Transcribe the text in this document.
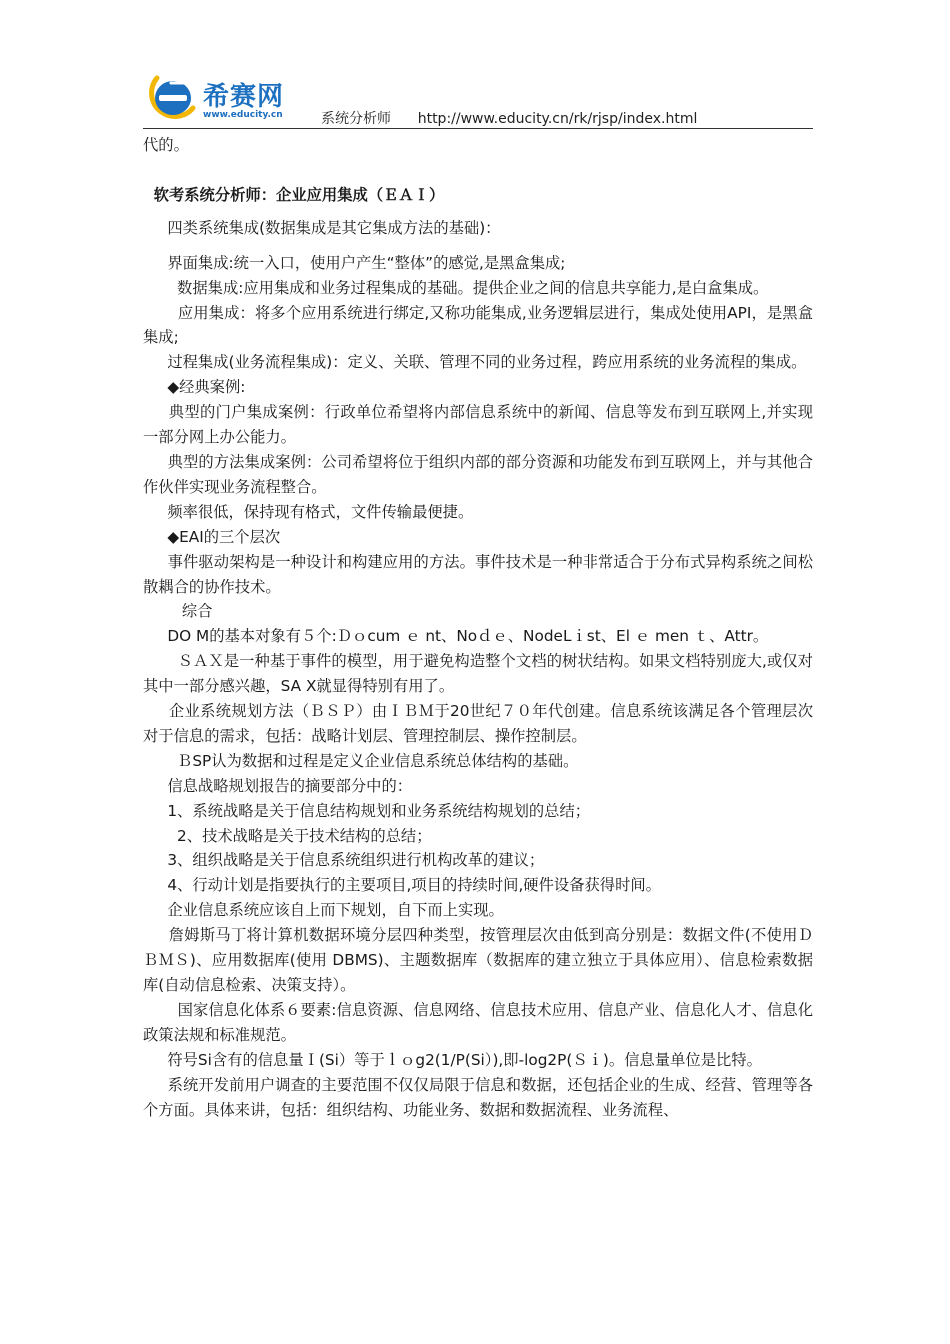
希赛网
www.educity.cn	系统分析师 http://www.educity.cn/rk/rjsp/index.html

代的。

软考系统分析师：企业应用集成（ＥＡＩ）

四类系统集成(数据集成是其它集成方法的基础)：

界面集成:统一入口，使用户产生“整体”的感觉,是黑盒集成;

数据集成:应用集成和业务过程集成的基础。提供企业之间的信息共享能力,是白盒集成。

应用集成：将多个应用系统进行绑定,又称功能集成,业务逻辑层进行，集成处使用API，是黑盒集成;

过程集成(业务流程集成)：定义、关联、管理不同的业务过程，跨应用系统的业务流程的集成。

◆经典案例:

典型的门户集成案例：行政单位希望将内部信息系统中的新闻、信息等发布到互联网上,并实现一部分网上办公能力。

典型的方法集成案例：公司希望将位于组织内部的部分资源和功能发布到互联网上，并与其他合作伙伴实现业务流程整合。

频率很低，保持现有格式，文件传输最便捷。

◆EAI的三个层次

事件驱动架构是一种设计和构建应用的方法。事件技术是一种非常适合于分布式异构系统之间松散耦合的协作技术。

综合

DO M的基本对象有５个:Ｄｏcum ｅ nt、Noｄｅ、NodeLｉst、El ｅ men ｔ、Attr。

ＳＡＸ是一种基于事件的模型，用于避免构造整个文档的树状结构。如果文档特别庞大,或仅对其中一部分感兴趣，SA X就显得特别有用了。

企业系统规划方法（ＢＳＰ）由ＩＢＭ于20世纪７０年代创建。信息系统该满足各个管理层次对于信息的需求，包括：战略计划层、管理控制层、操作控制层。

ＢSP认为数据和过程是定义企业信息系统总体结构的基础。

信息战略规划报告的摘要部分中的：

1、系统战略是关于信息结构规划和业务系统结构规划的总结；

2、技术战略是关于技术结构的总结；

3、组织战略是关于信息系统组织进行机构改革的建议；

4、行动计划是指要执行的主要项目,项目的持续时间,硬件设备获得时间。

企业信息系统应该自上而下规划，自下而上实现。

詹姆斯马丁将计算机数据环境分层四种类型，按管理层次由低到高分别是：数据文件(不使用ＤＢＭＳ)、应用数据库(使用 DBMS)、主题数据库（数据库的建立独立于具体应用）、信息检索数据库(自动信息检索、决策支持）。

国家信息化体系６要素:信息资源、信息网络、信息技术应用、信息产业、信息化人才、信息化政策法规和标准规范。

符号Si含有的信息量Ｉ(Si）等于ｌｏg2(1/P(Si）),即-log2P(Ｓｉ)。信息量单位是比特。

系统开发前用户调查的主要范围不仅仅局限于信息和数据，还包括企业的生成、经营、管理等各个方面。具体来讲，包括：组织结构、功能业务、数据和数据流程、业务流程、
